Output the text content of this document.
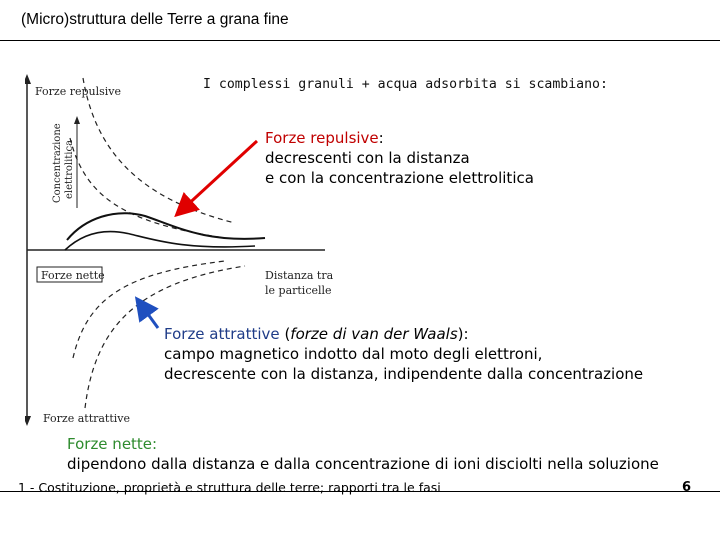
(Micro)struttura delle Terre a grana fine
Forze repulsive
Concentrazione elettrolitica
Forze nette	Distanza tra
le particelle
Forze attrattive
I complessi granuli + acqua adsorbita si scambiano:
Forze repulsive:
decrescenti con la distanza
e con la concentrazione elettrolitica
Forze attrattive (forze di van der Waals):
campo magnetico indotto dal moto degli elettroni,
decrescente con la distanza, indipendente dalla concentrazione
Forze nette:
dipendono dalla distanza e dalla concentrazione di ioni disciolti nella soluzione
1 - Costituzione, proprietà e struttura delle terre; rapporti tra le fasi	6
